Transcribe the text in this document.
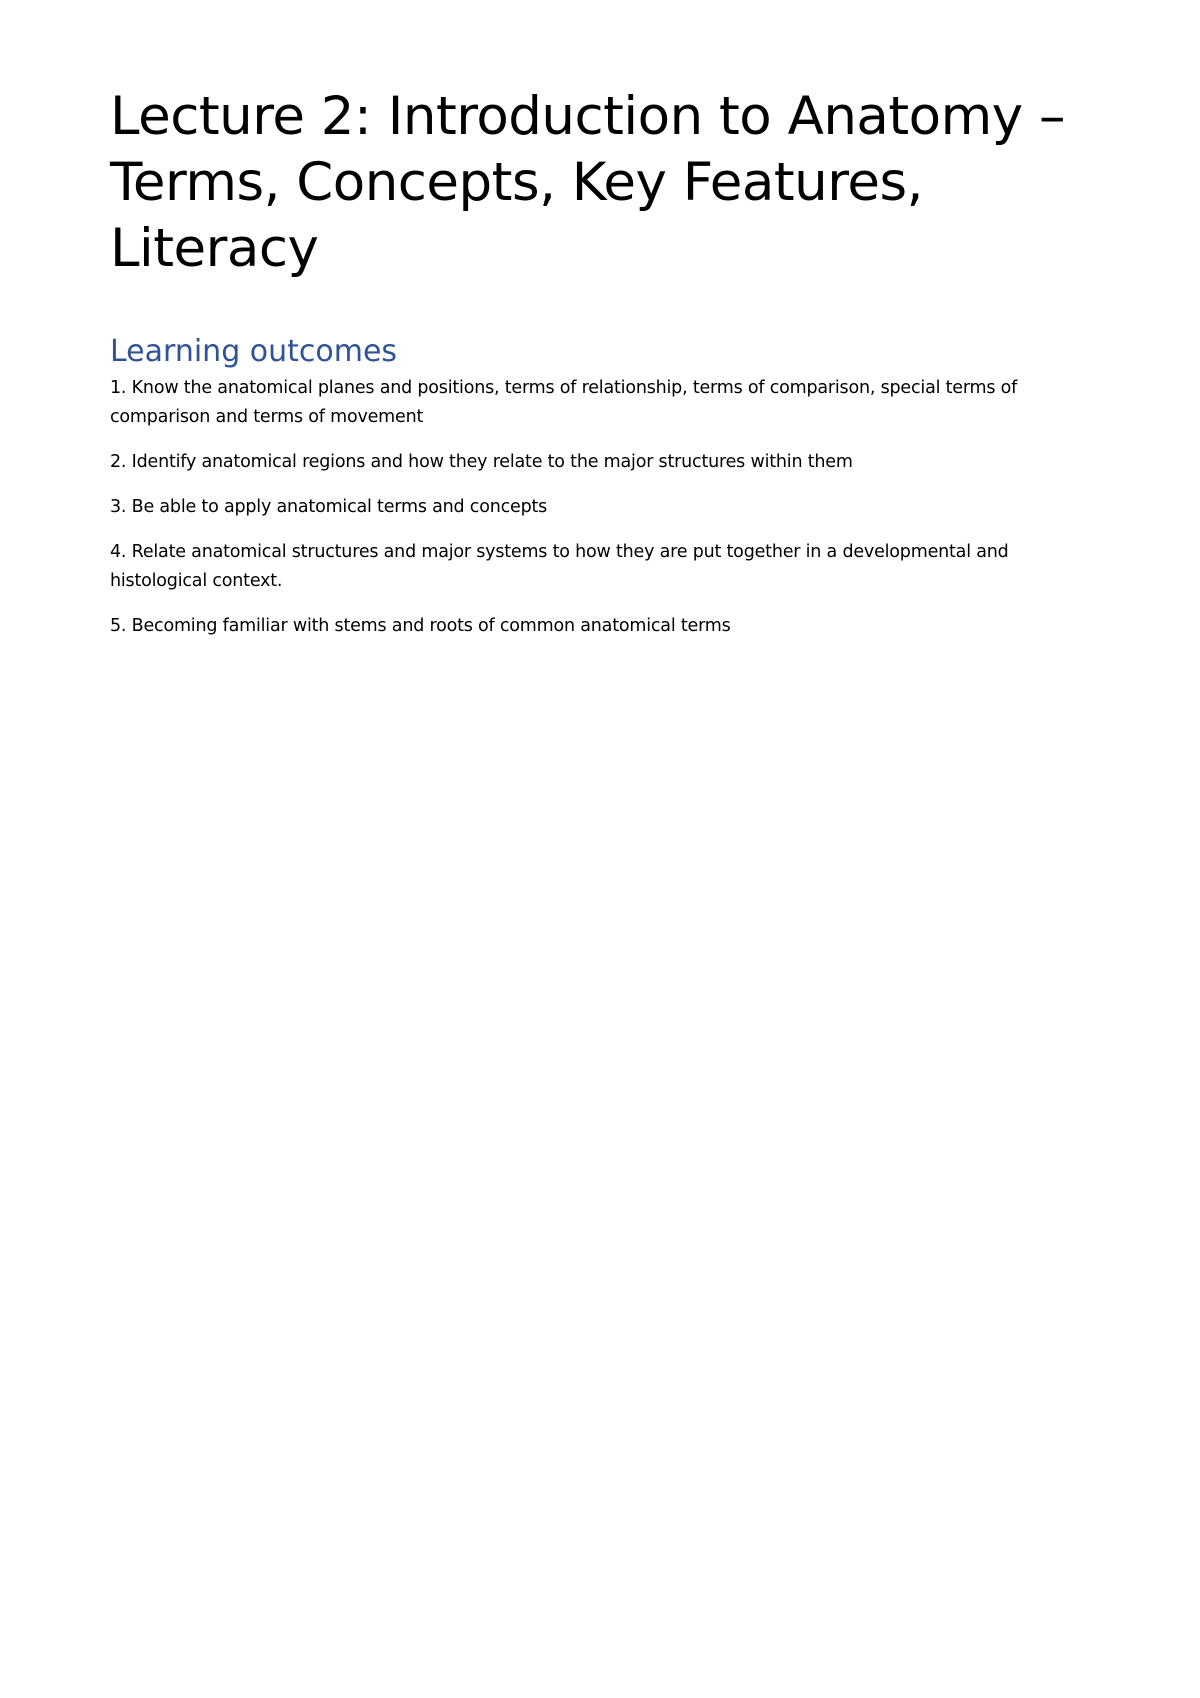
Lecture 2: Introduction to Anatomy – Terms, Concepts, Key Features, Literacy
Learning outcomes
1. Know the anatomical planes and positions, terms of relationship, terms of comparison, special terms of comparison and terms of movement
2. Identify anatomical regions and how they relate to the major structures within them
3. Be able to apply anatomical terms and concepts
4. Relate anatomical structures and major systems to how they are put together in a developmental and histological context.
5. Becoming familiar with stems and roots of common anatomical terms
